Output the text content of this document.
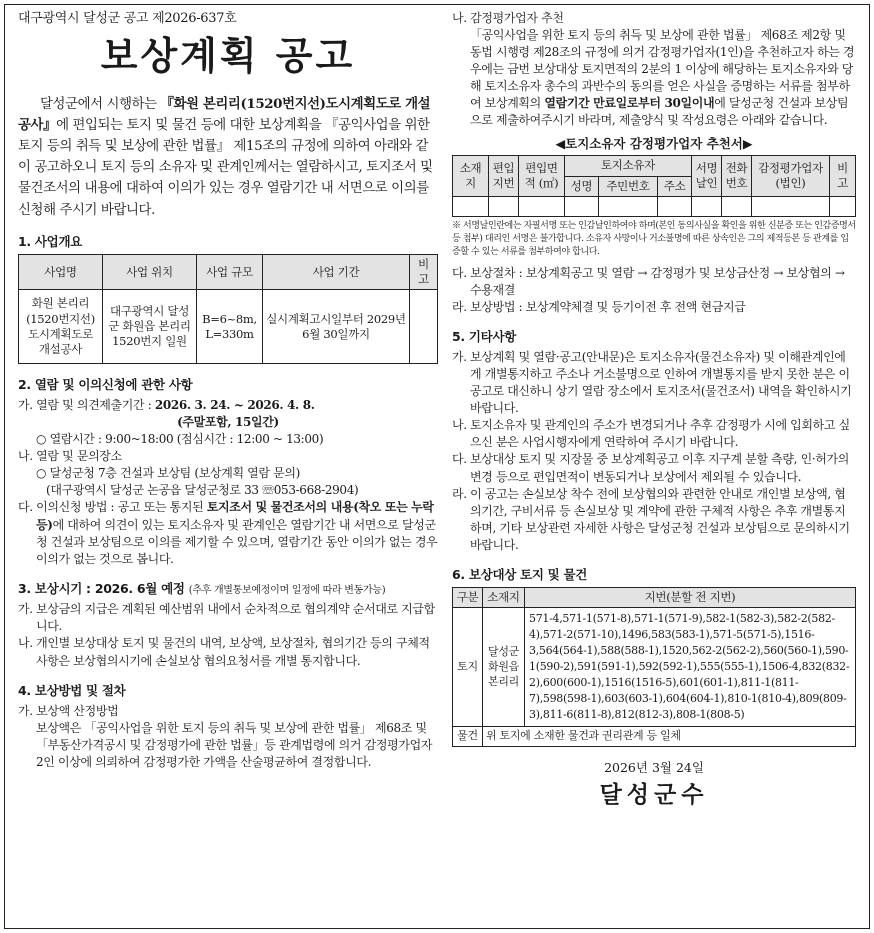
대구광역시 달성군 공고 제2026-637호
보상계획 공고

달성군에서 시행하는 『화원 본리리(1520번지선)도시계획도로 개설공사』에 편입되는 토지 및 물건 등에 대한 보상계획을 『공익사업을 위한 토지 등의 취득 및 보상에 관한 법률』 제15조의 규정에 의하여 아래와 같이 공고하오니 토지 등의 소유자 및 관계인께서는 열람하시고, 토지조서 및 물건조서의 내용에 대하여 이의가 있는 경우 열람기간 내 서면으로 이의를 신청해 주시기 바랍니다.

1. 사업개요
사업명	사업 위치	사업 규모	사업 기간	비고
화원 본리리 (1520번지선) 도시계획도로 개설공사	대구광역시 달성군 화원읍 본리리 1520번지 일원	B=6~8m, L=330m	실시계획고시일부터 2029년 6월 30일까지	
2. 열람 및 이의신청에 관한 사항
가. 열람 및 의견제출기간 : 2026. 3. 24. ~ 2026. 4. 8.
(주말포함, 15일간)
○ 열람시간 : 9:00~18:00 (점심시간 : 12:00 ~ 13:00)
나. 열람 및 문의장소
○ 달성군청 7층 건설과 보상팀 (보상계획 열람 문의)
(대구광역시 달성군 논공읍 달성군청로 33 ☏053-668-2904)
다. 이의신청 방법 : 공고 또는 통지된 토지조서 및 물건조서의 내용(착오 또는 누락 등)에 대하여 의견이 있는 토지소유자 및 관계인은 열람기간 내 서면으로 달성군청 건설과 보상팀으로 이의를 제기할 수 있으며, 열람기간 동안 이의가 없는 경우 이의가 없는 것으로 봅니다.
3. 보상시기 : 2026. 6월 예정 (추후 개별통보예정이며 일정에 따라 변동가능)
가. 보상금의 지급은 계획된 예산범위 내에서 순차적으로 협의계약 순서대로 지급합니다.
나. 개인별 보상대상 토지 및 물건의 내역, 보상액, 보상절차, 협의기간 등의 구체적 사항은 보상협의시기에 손실보상 협의요청서를 개별 통지합니다.
4. 보상방법 및 절차
가. 보상액 산정방법
보상액은 「공익사업을 위한 토지 등의 취득 및 보상에 관한 법률」 제68조 및 「부동산가격공시 및 감정평가에 관한 법률」등 관계법령에 의거 감정평가업자 2인 이상에 의뢰하여 감정평가한 가액을 산술평균하여 결정합니다.
나. 감정평가업자 추천
「공익사업을 위한 토지 등의 취득 및 보상에 관한 법률」 제68조 제2항 및 동법 시행령 제28조의 규정에 의거 감정평가업자(1인)을 추천하고자 하는 경우에는 금번 보상대상 토지면적의 2분의 1 이상에 해당하는 토지소유자와 당해 토지소유자 총수의 과반수의 동의를 얻은 사실을 증명하는 서류를 첨부하여 보상계획의 열람기간 만료일로부터 30일이내에 달성군청 건설과 보상팀으로 제출하여주시기 바라며, 제출양식 및 작성요령은 아래와 같습니다.
◀토지소유자 감정평가업자 추천서▶
소재지	편입 지번	편입면적 (㎡)	토지소유자			서명 날인	전화 번호	감정평가업자 (법인)	비고
			성명	주민번호	주소				

※ 서명날인란에는 자필서명 또는 인감날인하여야 하며(본인 동의사실을 확인을 위한 신분증 또는 인감증명서 등 첨부) 대리인 서명은 불가합니다. 소유자 사망이나 거소불명에 따른 상속인은 그의 제적등본 등 관계를 입증할 수 있는 서류를 첨부하여야 합니다.
다. 보상절차 : 보상계획공고 및 열람 → 감정평가 및 보상금산정 → 보상협의 → 수용재결
라. 보상방법 : 보상계약체결 및 등기이전 후 전액 현금지급
5. 기타사항
가. 보상계획 및 열람·공고(안내문)은 토지소유자(물건소유자) 및 이해관계인에게 개별통지하고 주소나 거소불명으로 인하여 개별통지를 받지 못한 분은 이 공고로 대신하니 상기 열람 장소에서 토지조서(물건조서) 내역을 확인하시기 바랍니다.
나. 토지소유자 및 관계인의 주소가 변경되거나 추후 감정평가 시에 입회하고 싶으신 분은 사업시행자에게 연락하여 주시기 바랍니다.
다. 보상대상 토지 및 지장물 중 보상계획공고 이후 지구계 분할 측량, 인·허가의 변경 등으로 편입면적이 변동되거나 보상에서 제외될 수 있습니다.
라. 이 공고는 손실보상 착수 전에 보상협의와 관련한 안내로 개인별 보상액, 협의기간, 구비서류 등 손실보상 및 계약에 관한 구체적 사항은 추후 개별통지하며, 기타 보상관련 자세한 사항은 달성군청 건설과 보상팀으로 문의하시기 바랍니다.
6. 보상대상 토지 및 물건
구분	소재지	지번(분할 전 지번)
토지	달성군 화원읍 본리리	571-4,571-1(571-8),571-1(571-9),582-1(582-3),582-2(582-4),571-2(571-10),1496,583(583-1),571-5(571-5),1516-3,564(564-1),588(588-1),1520,562-2(562-2),560(560-1),590-1(590-2),591(591-1),592(592-1),555(555-1),1506-4,832(832-2),600(600-1),1516(1516-5),601(601-1),811-1(811-7),598(598-1),603(603-1),604(604-1),810-1(810-4),809(809-3),811-6(811-8),812(812-3),808-1(808-5)
물건	위 토지에 소재한 물건과 권리관계 등 일체	
2026년 3월 24일
달성군수
